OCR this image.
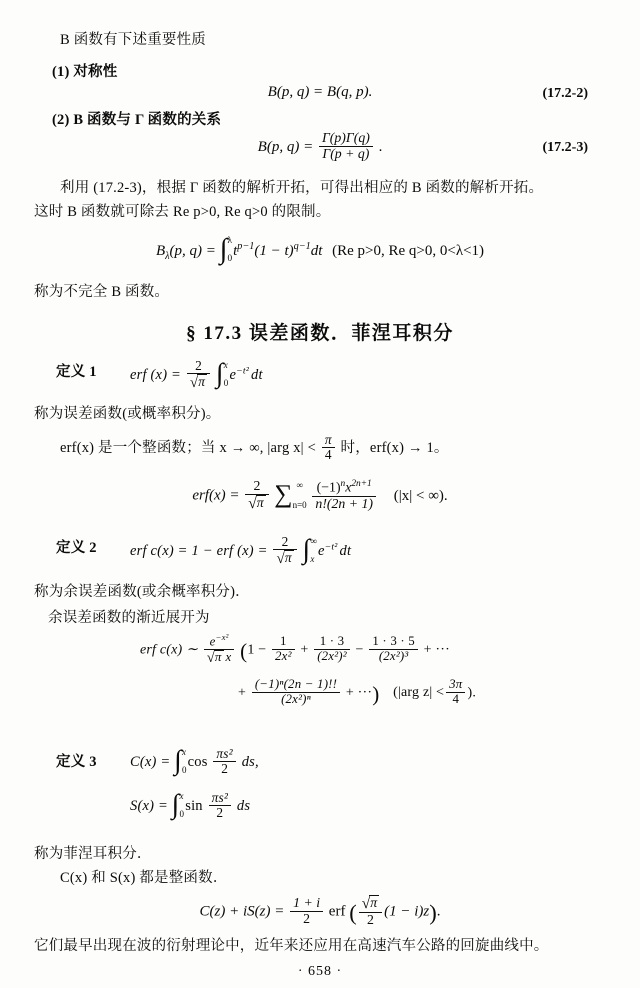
B 函数有下述重要性质
(1) 对称性
B(p, q) = B(q, p).	(17.2-2)
(2) B 函数与 Γ 函数的关系
B(p, $q) = \frac{\Gamma(p)\Gamma(q)}{\Gamma(p + q)}$ .	(17.2-3)
利用 (17.2-3)，根据 Γ 函数的解析开拓，可得出相应的 B 函数的解析开拓。
这时 B 函数就可除去 Re p>0, Re q>0 的限制。
$B_\lambda(p$, q) = ∫ λ
0
$t^{p-1}(1 - t)^{q-1}dt$ (Re p>0, Re q>0, 0<λ<1)
称为不完全 B 函数。
§ 17.3 误差函数．菲涅耳积分
定义 1 erf $(x) = \frac{2}{√\pi}$ ∫ x
0
$e^{-t^2}$ dt
称为误差函数(或概率积分)。
erf(x) 是一个整函数；当 x → ∞, |arg $x| < \frac{\pi}{4}$ 时，erf(x) → 1。
$erf(x) = \frac{2}{√\pi}$ ∑ ∞
n=0
$\frac{(-1)^nx^{2n+1}}{n!(2n + 1)} (|x|$ < ∞).
定义 2 erf c(x) = 1 − erf $(x) = \frac{2}{√\pi}$ ∫ ∞
x
$e^{-t^2}$ dt
称为余误差函数(或余概率积分)．
余误差函数的渐近展开为
erf c(x) ∼ $\frac{e^{-x^2}}{\text{√π x}} (1 - \frac{1}{\text{2x²}} + \frac{1 \cdot 3}{\text{(2x²)²}} - \frac{1 \cdot 3 \cdot 5}{\text{(2x²)³}}$ + ···
+ $\frac{\text{(−1)ⁿ(2n − 1)!!}}{\text{(2x²)ⁿ}}$ + ···) (|arg $z| < \frac{3\pi}{4}$ ).
定义 3 C(x) = ∫ x
0
$\cos \frac{\text{πs²}}{2}$ ds,
S(x) = ∫ x
0
$\sin \frac{\text{πs²}}{2}$ ds
称为菲涅耳积分．
C(x) 和 S(x) 都是整函数．
$C(z) + iS(z) = \frac{1 + i}{2}$ erf ( $\frac{√\pi}{2} (1 - i)z$).
它们最早出现在波的衍射理论中，近年来还应用在高速汽车公路的回旋曲线中。
· 658 ·
